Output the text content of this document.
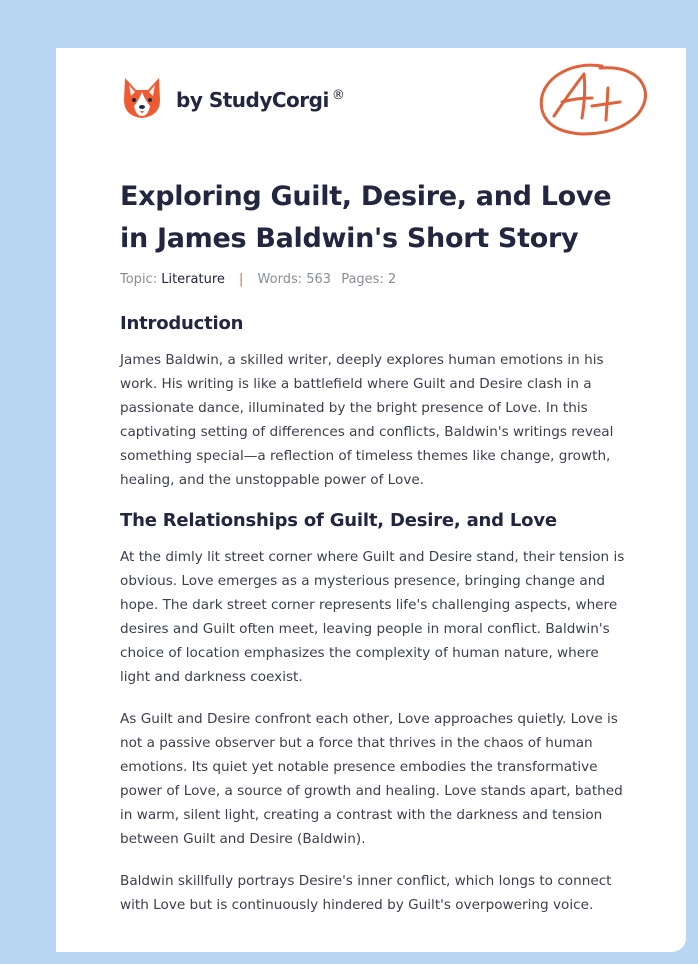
by StudyCorgi ®
Exploring Guilt, Desire, and Love in James Baldwin's Short Story
Topic: Literature | Words: 563 Pages: 2
Introduction

James Baldwin, a skilled writer, deeply explores human emotions in his work. His writing is like a battlefield where Guilt and Desire clash in a passionate dance, illuminated by the bright presence of Love. In this captivating setting of differences and conflicts, Baldwin's writings reveal something special—a reflection of timeless themes like change, growth, healing, and the unstoppable power of Love.

The Relationships of Guilt, Desire, and Love

At the dimly lit street corner where Guilt and Desire stand, their tension is obvious. Love emerges as a mysterious presence, bringing change and hope. The dark street corner represents life's challenging aspects, where desires and Guilt often meet, leaving people in moral conflict. Baldwin's choice of location emphasizes the complexity of human nature, where light and darkness coexist.

As Guilt and Desire confront each other, Love approaches quietly. Love is not a passive observer but a force that thrives in the chaos of human emotions. Its quiet yet notable presence embodies the transformative power of Love, a source of growth and healing. Love stands apart, bathed in warm, silent light, creating a contrast with the darkness and tension between Guilt and Desire (Baldwin).

Baldwin skillfully portrays Desire's inner conflict, which longs to connect with Love but is continuously hindered by Guilt's overpowering voice.
